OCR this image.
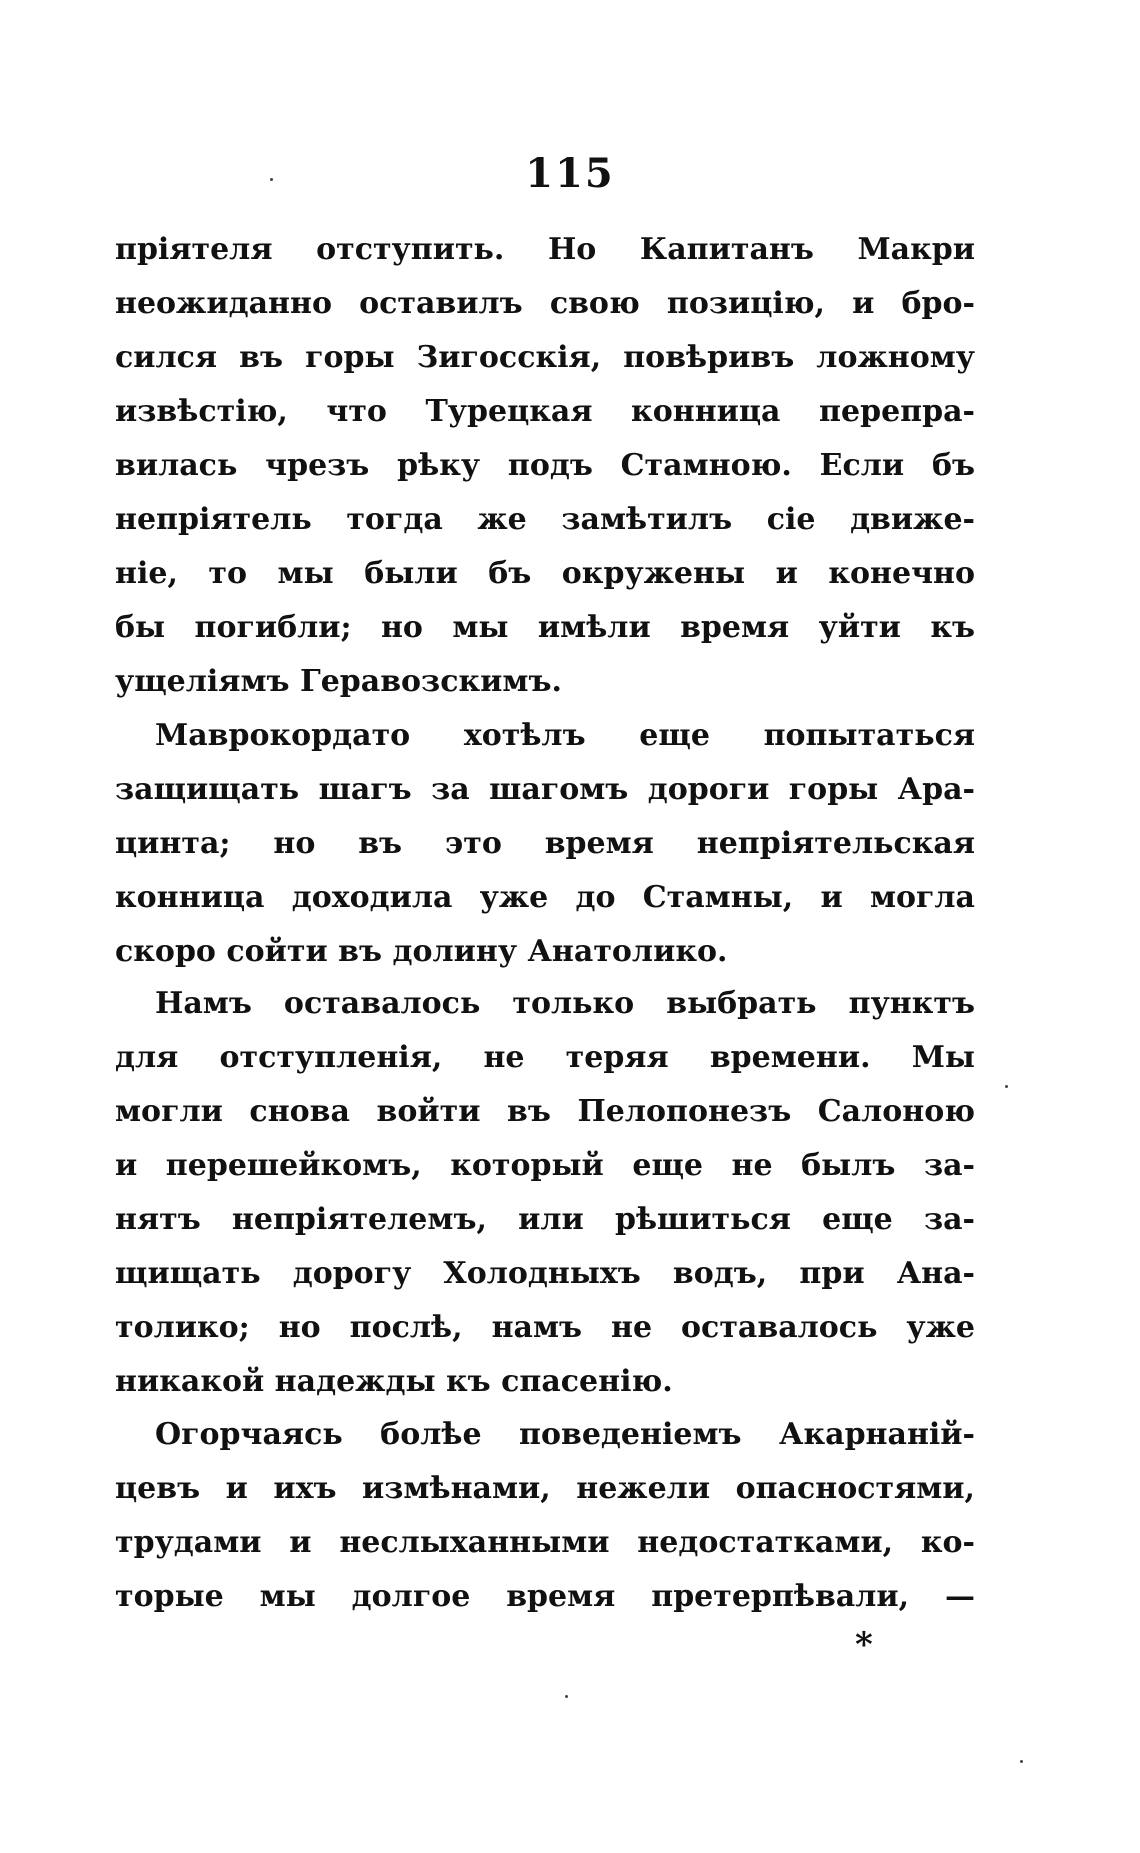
115
пріятеля отступить. Но Капитанъ Макри
неожиданно оставилъ свою позицію, и бро-
сился въ горы Зигосскія, повѣривъ ложному
извѣстію, что Турецкая конница перепра-
вилась чрезъ рѣку подъ Стамною. Если бъ
непріятель тогда же замѣтилъ сіе движе-
ніе, то мы были бъ окружены и конечно
бы погибли; но мы имѣли время уйти къ
ущеліямъ Геравозскимъ.
Маврокордато хотѣлъ еще попытаться
защищать шагъ за шагомъ дороги горы Ара-
цинта; но въ это время непріятельская
конница доходила уже до Стамны, и могла
скоро сойти въ долину Анатолико.
Намъ оставалось только выбрать пунктъ
для отступленія, не теряя времени. Мы
могли снова войти въ Пелопонезъ Салоною
и перешейкомъ, который еще не былъ за-
нятъ непріятелемъ, или рѣшиться еще за-
щищать дорогу Холодныхъ водъ, при Ана-
толико; но послѣ, намъ не оставалось уже
никакой надежды къ спасенію.
Огорчаясь болѣе поведеніемъ Акарнаній-
цевъ и ихъ измѣнами, нежели опасностями,
трудами и неслыханными недостатками, ко-
торые мы долгое время претерпѣвали, —
*
